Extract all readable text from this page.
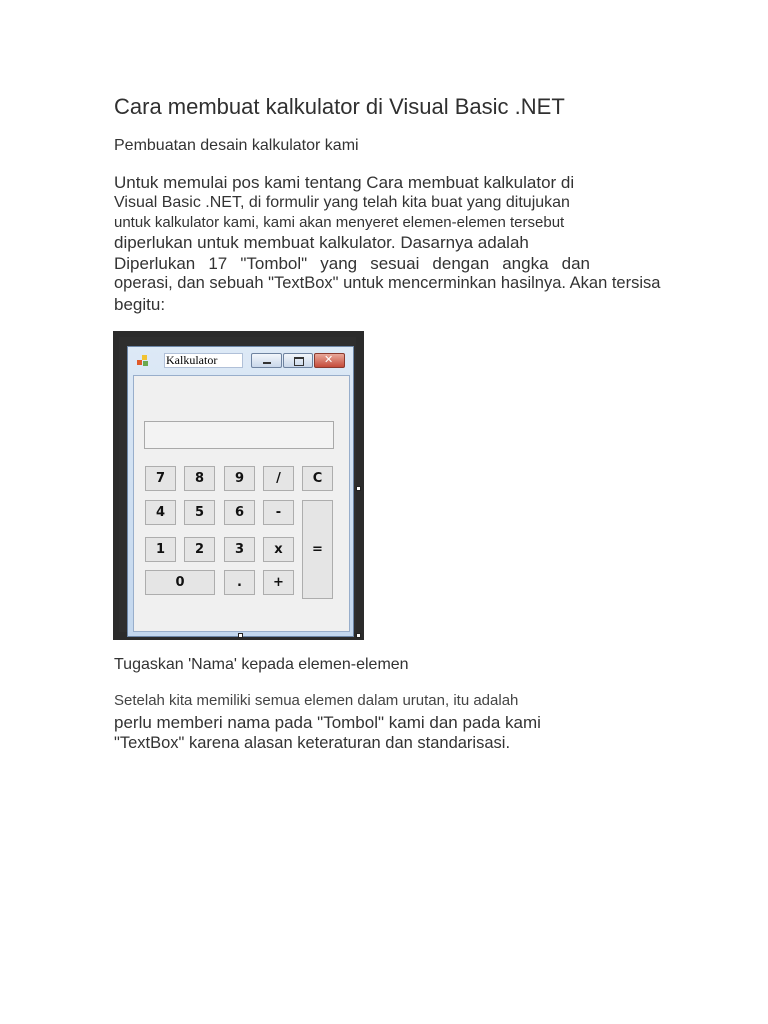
Cara membuat kalkulator di Visual Basic .NET
Pembuatan desain kalkulator kami
Untuk memulai pos kami tentang Cara membuat kalkulator di
Visual Basic .NET, di formulir yang telah kita buat yang ditujukan
untuk kalkulator kami, kami akan menyeret elemen-elemen tersebut
diperlukan untuk membuat kalkulator. Dasarnya adalah
Diperlukan 17 "Tombol" yang sesuai dengan angka dan
operasi, dan sebuah "TextBox" untuk mencerminkan hasilnya. Akan tersisa
begitu:
Kalkulator	✕
7	8	9	/	C
4	5	6	-
=
1	2	3	x
0	.	+
Tugaskan 'Nama' kepada elemen-elemen
Setelah kita memiliki semua elemen dalam urutan, itu adalah
perlu memberi nama pada "Tombol" kami dan pada kami
"TextBox" karena alasan keteraturan dan standarisasi.
